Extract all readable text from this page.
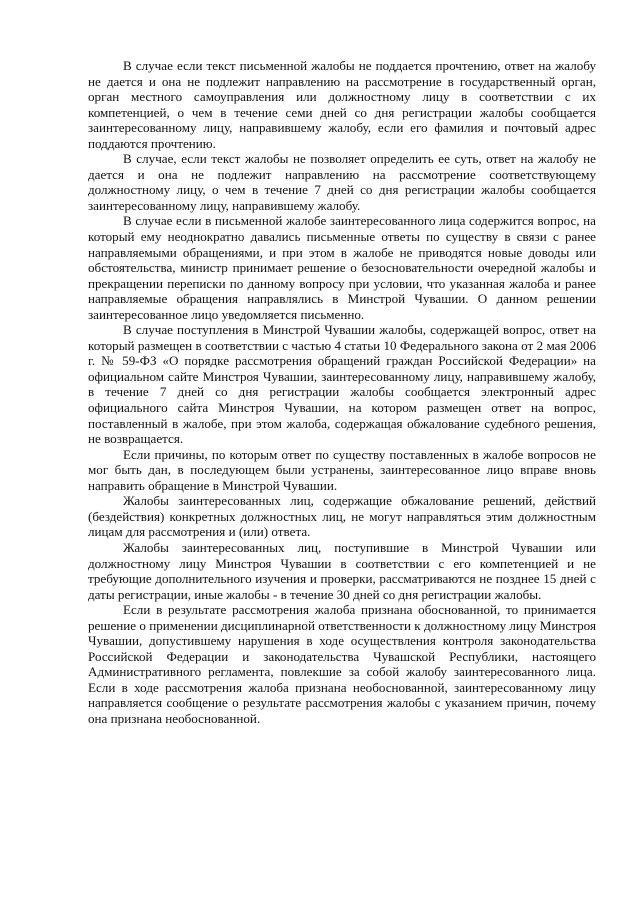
В случае если текст письменной жалобы не поддается прочтению, ответ на жалобу не дается и она не подлежит направлению на рассмотрение в государственный орган, орган местного самоуправления или должностному лицу в соответствии с их компетенцией, о чем в течение семи дней со дня регистрации жалобы сообщается заинтересованному лицу, направившему жалобу, если его фамилия и почтовый адрес поддаются прочтению.

В случае, если текст жалобы не позволяет определить ее суть, ответ на жалобу не дается и она не подлежит направлению на рассмотрение соответствующему должностному лицу, о чем в течение 7 дней со дня регистрации жалобы сообщается заинтересованному лицу, направившему жалобу.

В случае если в письменной жалобе заинтересованного лица содержится вопрос, на который ему неоднократно давались письменные ответы по существу в связи с ранее направляемыми обращениями, и при этом в жалобе не приводятся новые доводы или обстоятельства, министр принимает решение о безосновательности очередной жалобы и прекращении переписки по данному вопросу при условии, что указанная жалоба и ранее направляемые обращения направлялись в Минстрой Чувашии. О данном решении заинтересованное лицо уведомляется письменно.

В случае поступления в Минстрой Чувашии жалобы, содержащей вопрос, ответ на который размещен в соответствии с частью 4 статьи 10 Федерального закона от 2 мая 2006 г. № 59-ФЗ «О порядке рассмотрения обращений граждан Российской Федерации» на официальном сайте Минстроя Чувашии, заинтересованному лицу, направившему жалобу, в течение 7 дней со дня регистрации жалобы сообщается электронный адрес официального сайта Минстроя Чувашии, на котором размещен ответ на вопрос, поставленный в жалобе, при этом жалоба, содержащая обжалование судебного решения, не возвращается.

Если причины, по которым ответ по существу поставленных в жалобе вопросов не мог быть дан, в последующем были устранены, заинтересованное лицо вправе вновь направить обращение в Минстрой Чувашии.

Жалобы заинтересованных лиц, содержащие обжалование решений, действий (бездействия) конкретных должностных лиц, не могут направляться этим должностным лицам для рассмотрения и (или) ответа.

Жалобы заинтересованных лиц, поступившие в Минстрой Чувашии или должностному лицу Минстроя Чувашии в соответствии с его компетенцией и не требующие дополнительного изучения и проверки, рассматриваются не позднее 15 дней с даты регистрации, иные жалобы - в течение 30 дней со дня регистрации жалобы.

Если в результате рассмотрения жалоба признана обоснованной, то принимается решение о применении дисциплинарной ответственности к должностному лицу Минстроя Чувашии, допустившему нарушения в ходе осуществления контроля законодательства Российской Федерации и законодательства Чувашской Республики, настоящего Административного регламента, повлекшие за собой жалобу заинтересованного лица. Если в ходе рассмотрения жалоба признана необоснованной, заинтересованному лицу направляется сообщение о результате рассмотрения жалобы с указанием причин, почему она признана необоснованной.
